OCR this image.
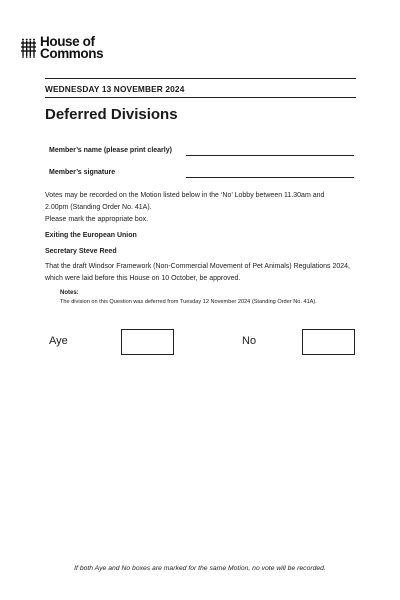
House of
Commons
WEDNESDAY 13 NOVEMBER 2024
Deferred Divisions
Member’s name (please print clearly)
Member’s signature
Votes may be recorded on the Motion listed below in the ‘No’ Lobby between 11.30am and 2.00pm (Standing Order No. 41A).
Please mark the appropriate box.
Exiting the European Union
Secretary Steve Reed
That the draft Windsor Framework (Non-Commercial Movement of Pet Animals) Regulations 2024, which were laid before this House on 10 October, be approved.
Notes:
The division on this Question was deferred from Tuesday 12 November 2024 (Standing Order No. 41A).
Aye	No
If both Aye and No boxes are marked for the same Motion, no vote will be recorded.
